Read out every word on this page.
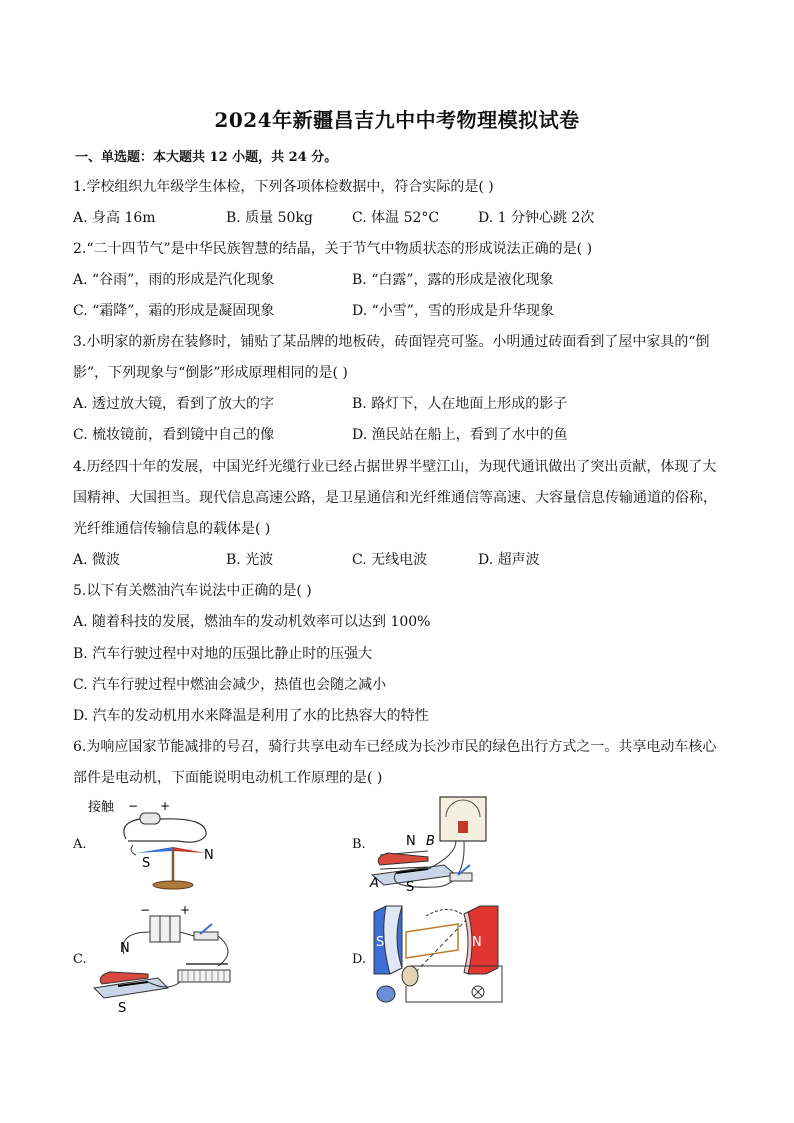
2024年新疆昌吉九中中考物理模拟试卷
一、单选题：本大题共 12 小题，共 24 分。
1.学校组织九年级学生体检，下列各项体检数据中，符合实际的是( )
A. 身高 16m	B. 质量 50kg	C. 体温 52°C	D. 1 分钟心跳 2次
2.“二十四节气”是中华民族智慧的结晶，关于节气中物质状态的形成说法正确的是( )
A. “谷雨”，雨的形成是汽化现象	B. “白露”，露的形成是液化现象
C. “霜降”，霜的形成是凝固现象	D. “小雪”，雪的形成是升华现象
3.小明家的新房在装修时，铺贴了某品牌的地板砖，砖面锃亮可鉴。小明通过砖面看到了屋中家具的“倒
影”，下列现象与“倒影”形成原理相同的是( )
A. 透过放大镜，看到了放大的字	B. 路灯下，人在地面上形成的影子
C. 梳妆镜前，看到镜中自己的像	D. 渔民站在船上，看到了水中的鱼
4.历经四十年的发展，中国光纤光缆行业已经占据世界半壁江山，为现代通讯做出了突出贡献，体现了大
国精神、大国担当。现代信息高速公路，是卫星通信和光纤维通信等高速、大容量信息传输通道的俗称，
光纤维通信传输信息的载体是( )
A. 微波	B. 光波	C. 无线电波	D. 超声波
5.以下有关燃油汽车说法中正确的是( )
A. 随着科技的发展，燃油车的发动机效率可以达到 100%
B. 汽车行驶过程中对地的压强比静止时的压强大
C. 汽车行驶过程中燃油会减少，热值也会随之减小
D. 汽车的发动机用水来降温是利用了水的比热容大的特性
6.为响应国家节能减排的号召，骑行共享电动车已经成为长沙市民的绿色出行方式之一。共享电动车核心
部件是电动机，下面能说明电动机工作原理的是( )
A.	B.
C.	D.
接触 − +
S
N
N B
A S
− +
N
S
S	N
